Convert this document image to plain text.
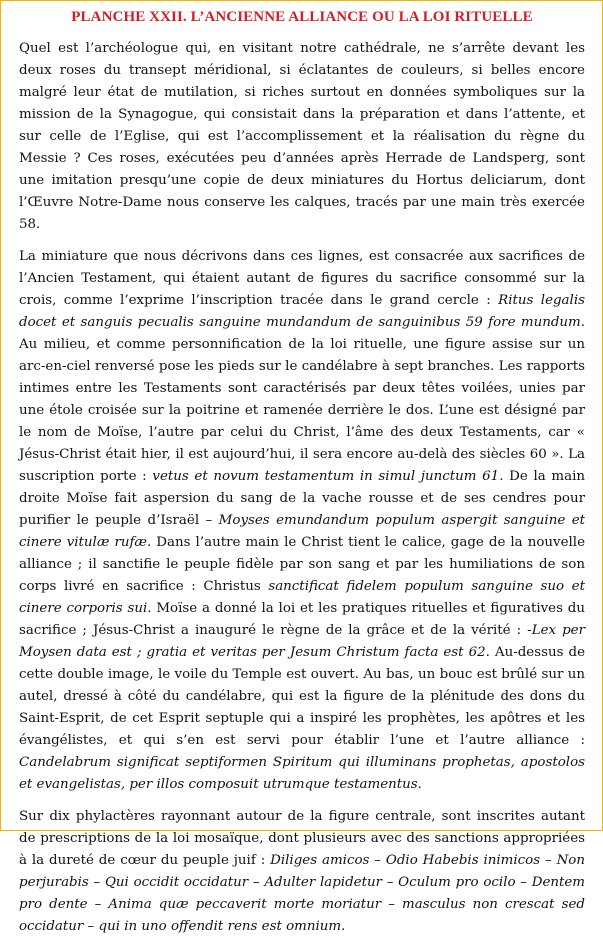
PLANCHE XXII. L’ANCIENNE ALLIANCE OU LA LOI RITUELLE

Quel est l’archéologue qui, en visitant notre cathédrale, ne s’arrête devant les deux roses du transept méridional, si éclatantes de couleurs, si belles encore malgré leur état de mutilation, si riches surtout en données symboliques sur la mission de la Synagogue, qui consistait dans la préparation et dans l’attente, et sur celle de l’Eglise, qui est l’accomplissement et la réalisation du règne du Messie ? Ces roses, exécutées peu d’années après Herrade de Landsperg, sont une imitation presqu’une copie de deux miniatures du Hortus deliciarum, dont l’Œuvre Notre-Dame nous conserve les calques, tracés par une main très exercée 58.

La miniature que nous décrivons dans ces lignes, est consacrée aux sacrifices de l’Ancien Testament, qui étaient autant de figures du sacrifice consommé sur la crois, comme l’exprime l’inscription tracée dans le grand cercle : Ritus legalis docet et sanguis pecualis sanguine mundandum de sanguinibus 59 fore mundum. Au milieu, et comme personnification de la loi rituelle, une figure assise sur un arc-en-ciel renversé pose les pieds sur le candélabre à sept branches. Les rapports intimes entre les Testaments sont caractérisés par deux têtes voilées, unies par une étole croisée sur la poitrine et ramenée derrière le dos. L’une est désigné par le nom de Moïse, l’autre par celui du Christ, l’âme des deux Testaments, car « Jésus-Christ était hier, il est aujourd’hui, il sera encore au-delà des siècles 60 ». La suscription porte : vetus et novum testamentum in simul junctum 61. De la main droite Moïse fait aspersion du sang de la vache rousse et de ses cendres pour purifier le peuple d’Israël – Moyses emundandum populum aspergit sanguine et cinere vitulæ rufæ. Dans l’autre main le Christ tient le calice, gage de la nouvelle alliance ; il sanctifie le peuple fidèle par son sang et par les humiliations de son corps livré en sacrifice : Christus sanctificat fidelem populum sanguine suo et cinere corporis sui. Moïse a donné la loi et les pratiques rituelles et figuratives du sacrifice ; Jésus-Christ a inauguré le règne de la grâce et de la vérité : -Lex per Moysen data est ; gratia et veritas per Jesum Christum facta est 62. Au-dessus de cette double image, le voile du Temple est ouvert. Au bas, un bouc est brûlé sur un autel, dressé à côté du candélabre, qui est la figure de la plénitude des dons du Saint-Esprit, de cet Esprit septuple qui a inspiré les prophètes, les apôtres et les évangélistes, et qui s’en est servi pour établir l’une et l’autre alliance : Candelabrum significat septiformen Spiritum qui illuminans prophetas, apostolos et evangelistas, per illos composuit utrumque testamentus.

Sur dix phylactères rayonnant autour de la figure centrale, sont inscrites autant de prescriptions de la loi mosaïque, dont plusieurs avec des sanctions appropriées à la dureté de cœur du peuple juif : Diliges amicos – Odio Habebis inimicos – Non perjurabis – Qui occidit occidatur – Adulter lapidetur – Oculum pro ocilo – Dentem pro dente – Anima quæ peccaverit morte moriatur – masculus non crescat sed occidatur – qui in uno offendit rens est omnium.
